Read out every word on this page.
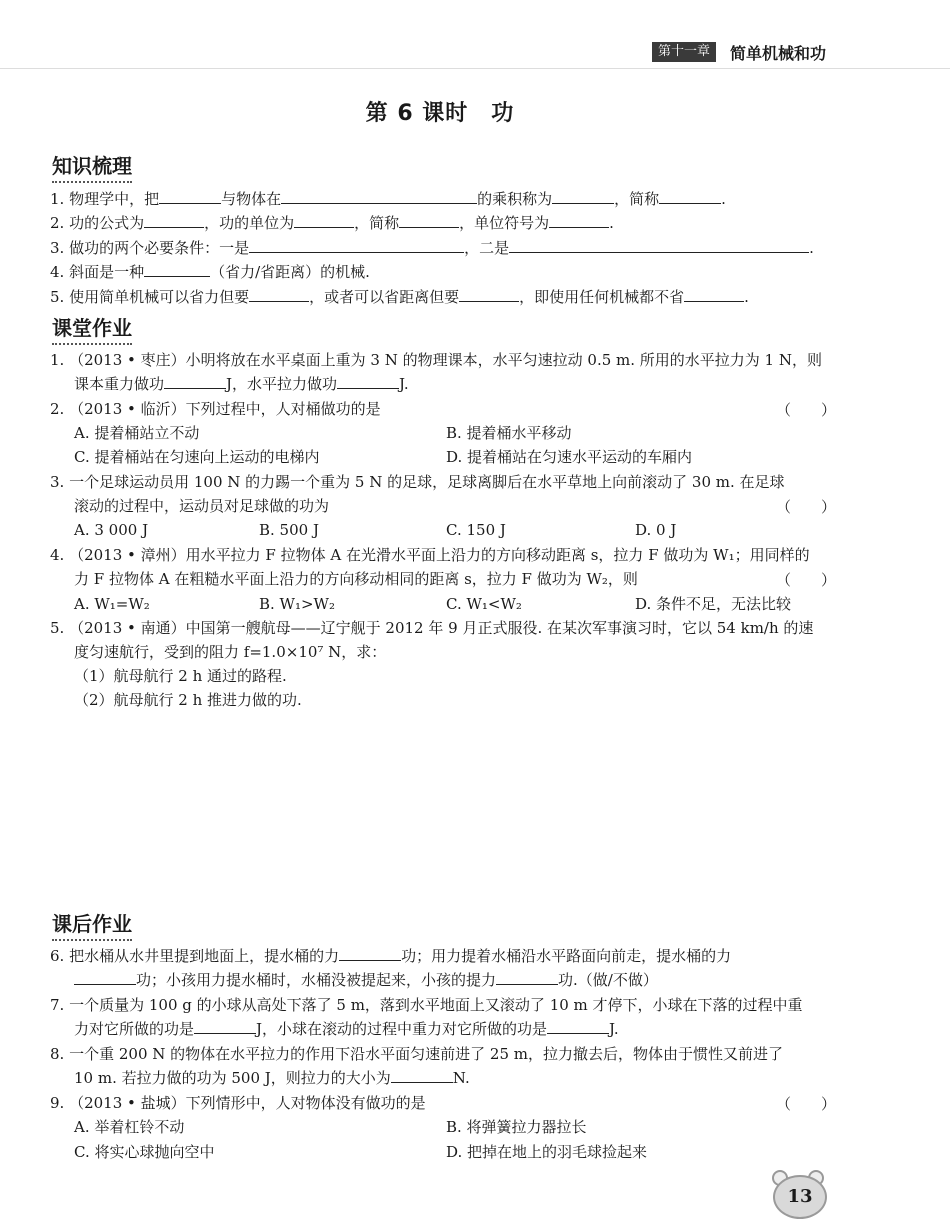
第十一章	简单机械和功
第 6 课时　功
知识梳理
1. 物理学中，把	与物体在	的乘积称为	，简称	.
2. 功的公式为	，功的单位为	，简称	，单位符号为	.
3. 做功的两个必要条件：一是	，二是	.
4. 斜面是一种	（省力/省距离）的机械.
5. 使用简单机械可以省力但要	，或者可以省距离但要	，即使用任何机械都不省	.
课堂作业
1. （2013 • 枣庄）小明将放在水平桌面上重为 3 N 的物理课本，水平匀速拉动 0.5 m. 所用的水平拉力为 1 N，则
课本重力做功	J，水平拉力做功	J.
2. （2013 • 临沂）下列过程中，人对桶做功的是	（　　）
A. 提着桶站立不动	B. 提着桶水平移动
C. 提着桶站在匀速向上运动的电梯内	D. 提着桶站在匀速水平运动的车厢内
3. 一个足球运动员用 100 N 的力踢一个重为 5 N 的足球，足球离脚后在水平草地上向前滚动了 30 m. 在足球
滚动的过程中，运动员对足球做的功为	（　　）
A. 3 000 J	B. 500 J	C. 150 J	D. 0 J
4. （2013 • 漳州）用水平拉力 F 拉物体 A 在光滑水平面上沿力的方向移动距离 s，拉力 F 做功为 W₁；用同样的
力 F 拉物体 A 在粗糙水平面上沿力的方向移动相同的距离 s，拉力 F 做功为 W₂，则	（　　）
A. W₁=W₂	B. W₁>W₂	C. W₁<W₂	D. 条件不足，无法比较
5. （2013 • 南通）中国第一艘航母——辽宁舰于 2012 年 9 月正式服役. 在某次军事演习时，它以 54 km/h 的速
度匀速航行，受到的阻力 f=1.0×10⁷ N，求：
（1）航母航行 2 h 通过的路程.
（2）航母航行 2 h 推进力做的功.
课后作业
6. 把水桶从水井里提到地面上，提水桶的力	功；用力提着水桶沿水平路面向前走，提水桶的力
功；小孩用力提水桶时，水桶没被提起来，小孩的提力	功.（做/不做）
7. 一个质量为 100 g 的小球从高处下落了 5 m，落到水平地面上又滚动了 10 m 才停下，小球在下落的过程中重
力对它所做的功是	J，小球在滚动的过程中重力对它所做的功是	J.
8. 一个重 200 N 的物体在水平拉力的作用下沿水平面匀速前进了 25 m，拉力撤去后，物体由于惯性又前进了
10 m. 若拉力做的功为 500 J，则拉力的大小为	N.
9. （2013 • 盐城）下列情形中，人对物体没有做功的是	（　　）
A. 举着杠铃不动	B. 将弹簧拉力器拉长
C. 将实心球抛向空中	D. 把掉在地上的羽毛球捡起来
13
